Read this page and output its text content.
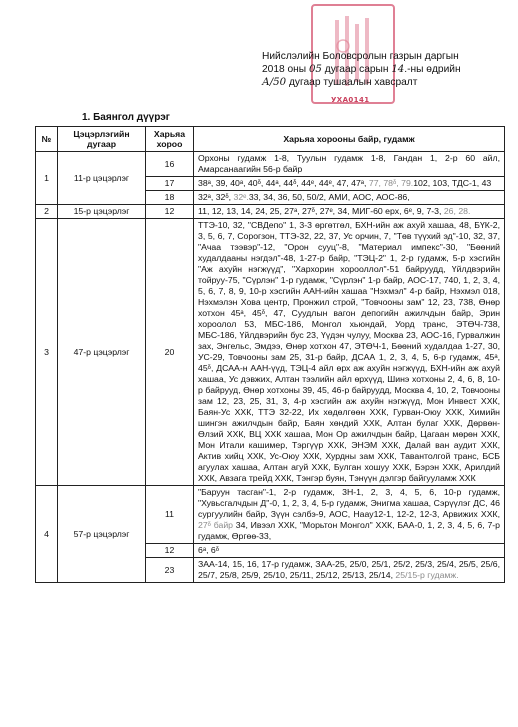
УХА0141
Нийслэлийн Боловсролын газрын даргын
2018 оны 05 дугаар сарын 14.-ны өдрийн
А/50 дугаар тушаалын хавсралт
1. Баянгол дүүрэг
№	Цэцэрлэгийн дугаар	Харьяа хороо	Харьяа хорооны байр, гудамж
1	11-р цэцэрлэг	16	Орхоны гудамж 1-8, Туулын гудамж 1-8, Гандан 1, 2-р 60 айл, Амарсанаагийн 56-р байр
		17	38ᵃ, 39, 40ᵃ, 40ᵟ, 44ᵃ, 44ᵟ, 44ᵉ, 44ᵉ, 47, 47ᵃ, 77, 78ᵟ, 79.102, 103, ТДС-1, 43
		18	32ᵃ, 32ᵟ, 32ᵉ.33, 34, 36, 50, 50/2, АМИ, АОС, АОС-86,
2	15-р цэцэрлэг	12	11, 12, 13, 14, 24, 25, 27ᵃ, 27ᵟ, 27ᵉ, 34, МИГ-60 ерх, 6ᵉ, 9, 7-3, 26, 28.
3	47-р цэцэрлэг	20	ТТЭ-10, 32, "СВДепо" 1, 3-3 өргөтгөл, БХН-ийн аж ахуй хашаа, 48, БҮК-2, 3, 5, 6, 7, Сорогзон, ТТЭ-32, 22, 37, Ус орчин, 7, "Төв түүхий эд"-10, 32, 37, "Ачаа тээвэр"-12, "Орон сууц"-8, "Материал импекс"-30, "Бөөний худалдааны нэгдэл"-48, 1-27-р байр, "ТЭЦ-2" 1, 2-р гудамж, 5-р хэсгийн "Аж ахуйн нэгжүүд", "Хархорин хорооллол"-51 байруудд, Үйлдвэрийн тойруу-75, "Сүрлэн" 1-р гудамж, "Сүрлэн" 1-р байр, АОС-17, 740, 1, 2, 3, 4, 5, 6, 7, 8, 9, 10-р хэсгийн ААН-ийн хашаа "Нэхмэл" 4-р байр, Нэхмэл 018, Нэхмэлэн Хова центр, Пронжил строй, "Товчооны зам" 12, 23, 738, Өнөр хотхон 45ᵃ, 45ᵟ, 47, Суудлын вагон депогийн ажилчдын байр, Эрин хороолол 53, МБС-186, Монгол хьюндай, Уорд транс, ЭТӨЧ-738, МБС-186, Үйлдвэрийн бус 23, Үүдэн чулуу, Москва 23, АОС-16, Гурвалжин зах, Энгельс, Эмдээ, Өнөр хотхон 47, ЭТӨЧ-1, Бөөний худалдаа 1-27, 30, УС-29, Товчооны зам 25, 31-р байр, ДСАА 1, 2, 3, 4, 5, 6-р гудамж, 45ᵃ, 45ᵟ, ДСАА-н ААН-үүд, ТЭЦ-4 айл өрх аж ахуйн нэгжүүд, БХН-ийн аж ахуй хашаа, Ус дэвжих, Алтан тээлийн айл өрхүүд, Шинэ хотхоны 2, 4, 6, 8, 10-р байрууд, Өнөр хотхоны 39, 45, 46-р байруудд, Москва 4, 10, 2, Товчооны зам 12, 23, 25, 31, 3, 4-р хэсгийн аж ахуйн нэгжүүд, Мон Инвест ХХК, Баян-Ус ХХК, ТТЭ 32-22, Их хөдөлгөөн ХХК, Гурван-Оюу ХХК, Химийн шингэн ажилчдын байр, Баян хөндий ХХК, Алтан булаг ХХК, Дөрвөн-Өлзий ХХК, ВЦ ХХК хашаа, Мон Ор ажилчдын байр, Цагаан мөрөн ХХК, Мон Итали кашимер, Тэргүүр ХХК, ЭНЭМ ХХК, Далай ван аудит ХХК, Актив хийц ХХК, Ус-Оюу ХХК, Хурдны зам ХХК, Тавантолгой транс, БСБ агуулах хашаа, Алтан агуй ХХК, Булган хошуу ХХК, Бэрэн ХХК, Арилдий ХХК, Авзага трейд ХХК, Тэнгэр буян, Тэнүүн дэлгэр байгууламж ХХК
4	57-р цэцэрлэг	11	"Баруун тасган"-1, 2-р гудамж, 3Н-1, 2, 3, 4, 5, 6, 10-р гудамж, "Хувьсгалчдын Д"-0, 1, 2, 3, 4, 5-р гудамж, Энигма хашаа, Сэрүүлэг ДС, 46 сургуулийн байр, Зүүн сэлбэ-9, АОС, Наау12-1, 12-2, 12-3, Арвижих ХХК, 27ᵟ байр 34, Ивээл ХХК, "Морьтон Монгол" ХХК, БАА-0, 1, 2, 3, 4, 5, 6, 7-р гудамж, Өргөө-33,
		12	6ᵃ, 6ᵟ
		23	ЗАА-14, 15, 16, 17-р гудамж, ЗАА-25, 25/0, 25/1, 25/2, 25/3, 25/4, 25/5, 25/6, 25/7, 25/8, 25/9, 25/10, 25/11, 25/12, 25/13, 25/14, 25/15-р гудамж.
